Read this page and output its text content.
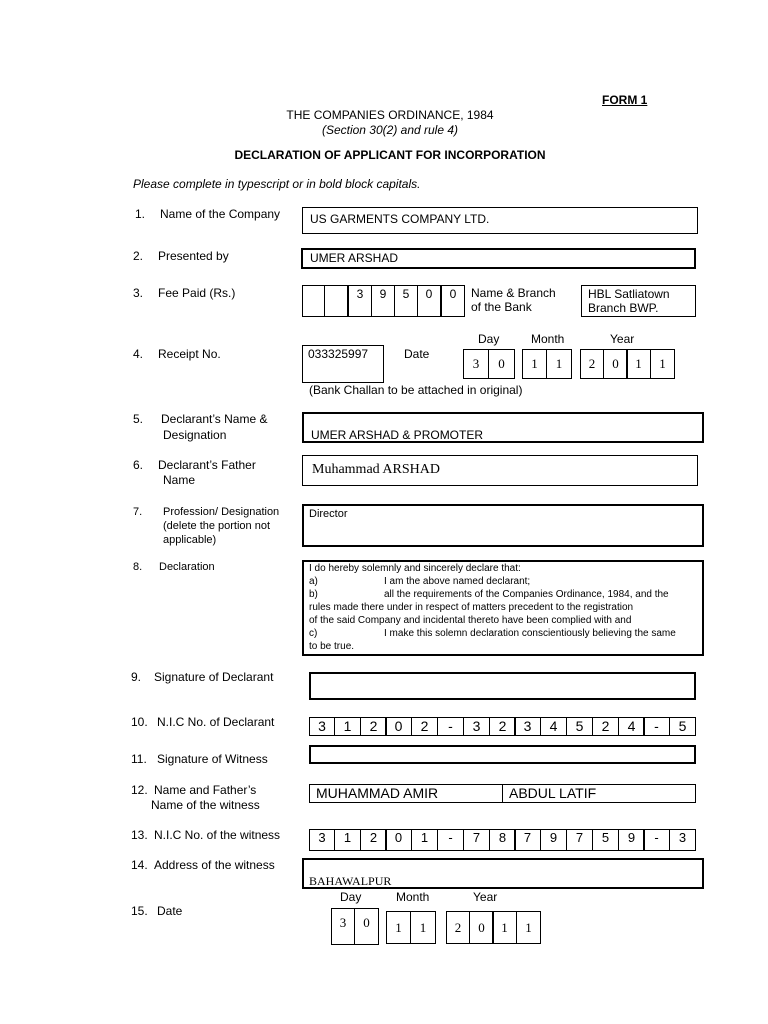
FORM 1
THE COMPANIES ORDINANCE, 1984
(Section 30(2) and rule 4)
DECLARATION OF APPLICANT FOR INCORPORATION
Please complete in typescript or in bold block capitals.
1. Name of the Company US GARMENTS COMPANY LTD.
2. Presented by	UMER ARSHAD
3. Fee Paid (Rs.)	3	9	5	0	0	Name & Branch
of the Bank
HBL Satliatown
Branch BWP.
Day	Month	Year
4. Receipt No.	033325997	Date
3	0	1	1	2	0	1	1
(Bank Challan to be attached in original)
5. Declarant’s Name &
Designation	UMER ARSHAD & PROMOTER
6. Declarant’s Father
Name
Muhammad ARSHAD
7. Profession/ Designation
(delete the portion not
applicable)
Director
8. Declaration	I do hereby solemnly and sincerely declare that:
a)	I am the above named declarant;
b)	all the requirements of the Companies Ordinance, 1984, and the
rules made there under in respect of matters precedent to the registration
of the said Company and incidental thereto have been complied with and
c)	I make this solemn declaration conscientiously believing the same
to be true.
9. Signature of Declarant
10. N.I.C No. of Declarant	3	1	2	0	2	-	3	2	3	4	5	2	4	-	5
11. Signature of Witness
12. Name and Father’s
Name of the witness
MUHAMMAD AMIR	ABDUL LATIF
13. N.I.C No. of the witness	3	1	2	0	1	-	7	8	7	9	7	5	9	-	3
14. Address of the witness
BAHAWALPUR
Day	Month	Year
15. Date
3	0	1	1	2	0	1	1
